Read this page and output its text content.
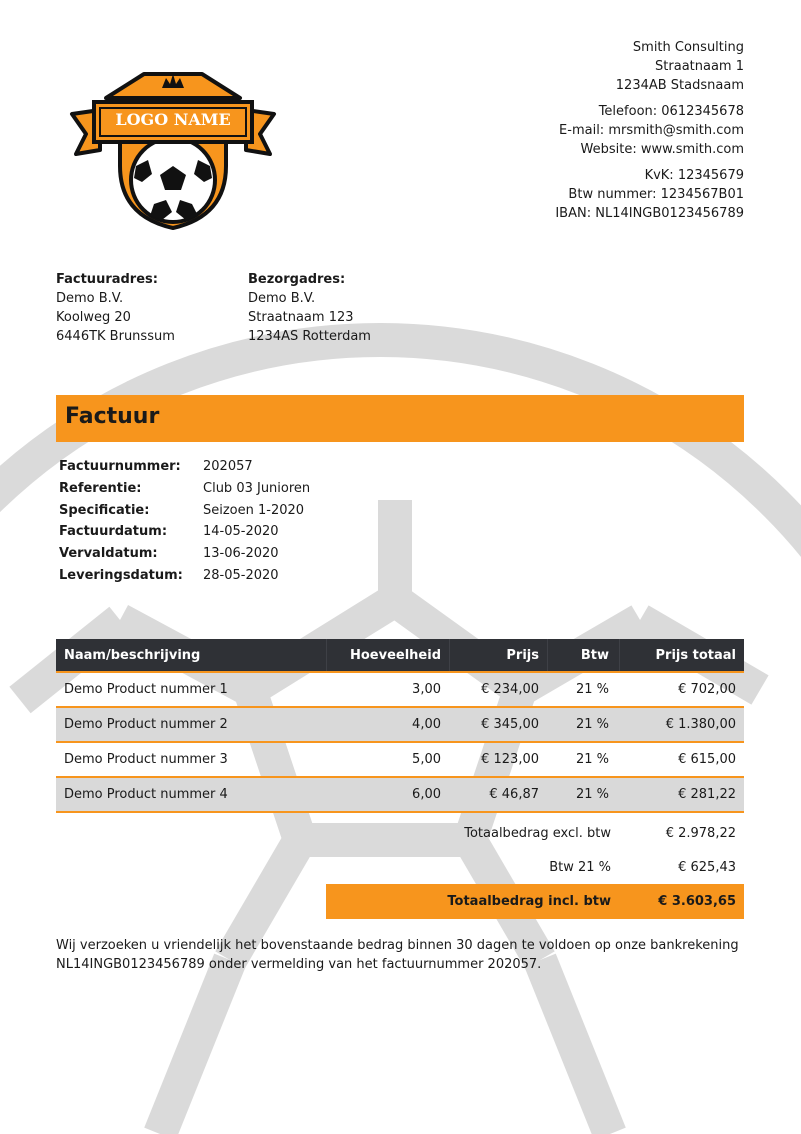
LOGO NAME
Smith Consulting
Straatnaam 1
1234AB Stadsnaam
Telefoon: 0612345678
E-mail: mrsmith@smith.com
Website: www.smith.com
KvK: 12345679
Btw nummer: 1234567B01
IBAN: NL14INGB0123456789
Factuuradres:
Demo B.V.
Koolweg 20
6446TK Brunssum
Bezorgadres:
Demo B.V.
Straatnaam 123
1234AS Rotterdam
Factuur
Factuurnummer:	202057
Referentie:	Club 03 Junioren
Specificatie:	Seizoen 1-2020
Factuurdatum:	14-05-2020
Vervaldatum:	13-06-2020
Leveringsdatum:	28-05-2020
Naam/beschrijving	Hoeveelheid	Prijs	Btw	Prijs totaal
Demo Product nummer 1	3,00	€ 234,00	21 %	€ 702,00
Demo Product nummer 2	4,00	€ 345,00	21 %	€ 1.380,00
Demo Product nummer 3	5,00	€ 123,00	21 %	€ 615,00
Demo Product nummer 4	6,00	€ 46,87	21 %	€ 281,22
Totaalbedrag excl. btw	€ 2.978,22
Btw 21 %	€ 625,43
Totaalbedrag incl. btw	€ 3.603,65
Wij verzoeken u vriendelijk het bovenstaande bedrag binnen 30 dagen te voldoen op onze bankrekening
NL14INGB0123456789 onder vermelding van het factuurnummer 202057.
